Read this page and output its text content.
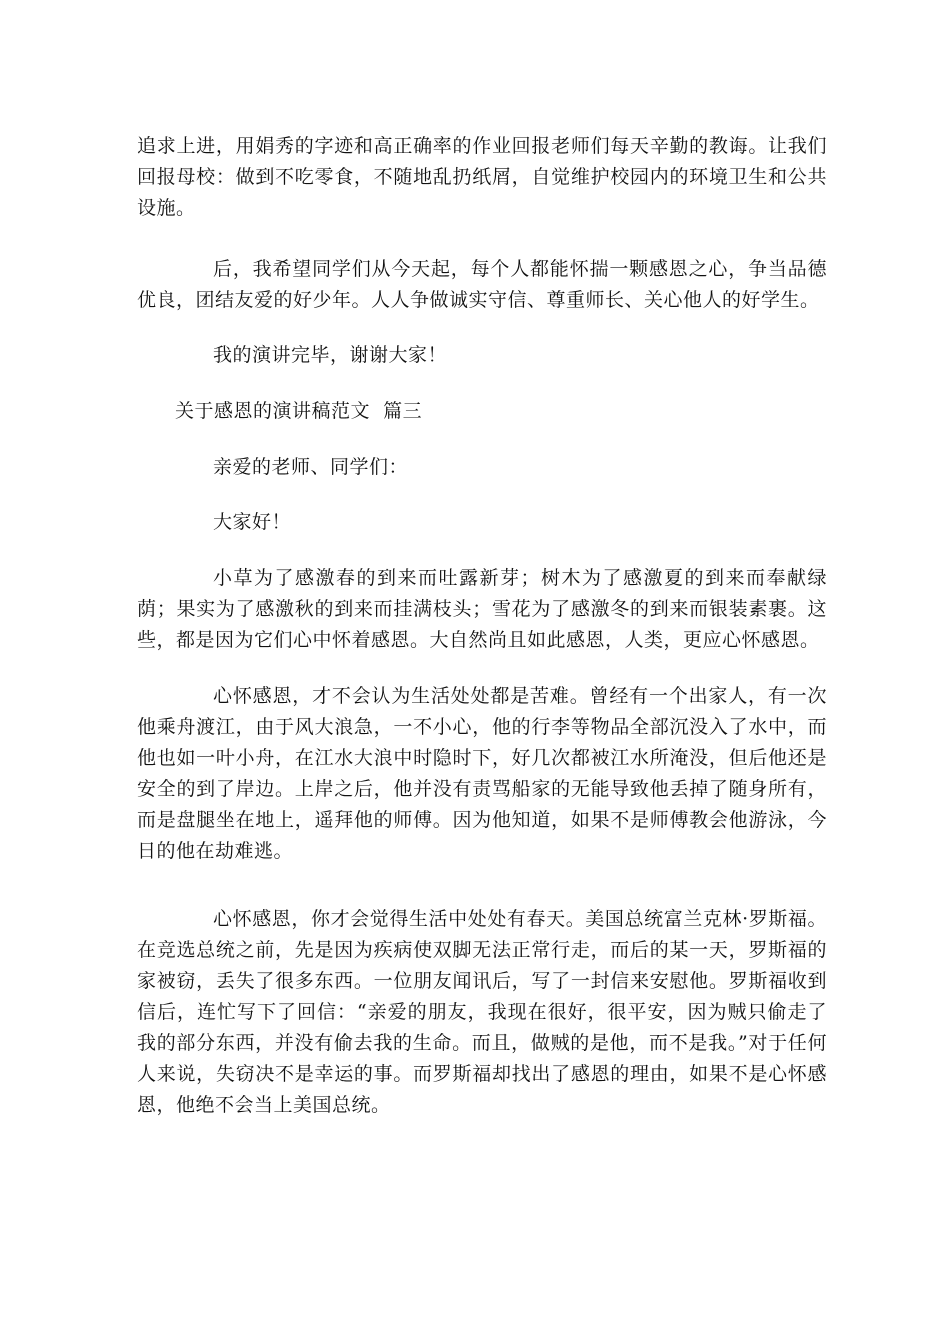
追求上进，用娟秀的字迹和高正确率的作业回报老师们每天辛勤的教诲。让我们回报母校：做到不吃零食，不随地乱扔纸屑，自觉维护校园内的环境卫生和公共设施。

后，我希望同学们从今天起，每个人都能怀揣一颗感恩之心，争当品德优良，团结友爱的好少年。人人争做诚实守信、尊重师长、关心他人的好学生。

我的演讲完毕，谢谢大家！

关于感恩的演讲稿范文  篇三

亲爱的老师、同学们：

大家好！

小草为了感激春的到来而吐露新芽；树木为了感激夏的到来而奉献绿荫；果实为了感激秋的到来而挂满枝头；雪花为了感激冬的到来而银装素裹。这些，都是因为它们心中怀着感恩。大自然尚且如此感恩，人类，更应心怀感恩。

心怀感恩，才不会认为生活处处都是苦难。曾经有一个出家人，有一次他乘舟渡江，由于风大浪急，一不小心，他的行李等物品全部沉没入了水中，而他也如一叶小舟，在江水大浪中时隐时下，好几次都被江水所淹没，但后他还是安全的到了岸边。上岸之后，他并没有责骂船家的无能导致他丢掉了随身所有，而是盘腿坐在地上，遥拜他的师傅。因为他知道，如果不是师傅教会他游泳，今日的他在劫难逃。

心怀感恩，你才会觉得生活中处处有春天。美国总统富兰克林·罗斯福。在竞选总统之前，先是因为疾病使双脚无法正常行走，而后的某一天，罗斯福的家被窃，丢失了很多东西。一位朋友闻讯后，写了一封信来安慰他。罗斯福收到信后，连忙写下了回信：“亲爱的朋友，我现在很好，很平安，因为贼只偷走了我的部分东西，并没有偷去我的生命。而且，做贼的是他，而不是我。”对于任何人来说，失窃决不是幸运的事。而罗斯福却找出了感恩的理由，如果不是心怀感恩，他绝不会当上美国总统。
